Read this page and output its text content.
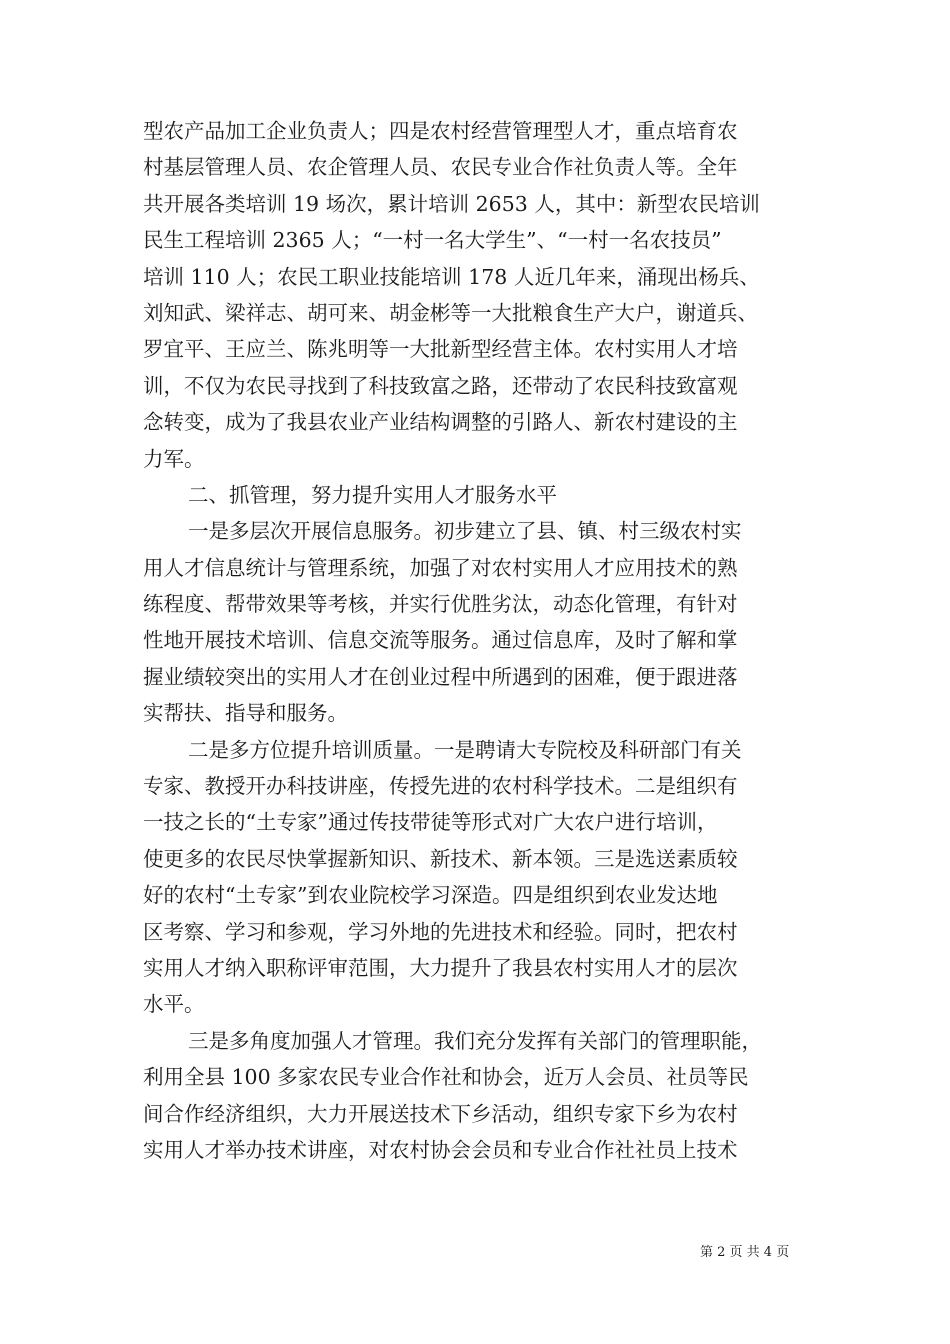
型农产品加工企业负责人；四是农村经营管理型人才，重点培育农
村基层管理人员、农企管理人员、农民专业合作社负责人等。全年
共开展各类培训 19 场次，累计培训 2653 人，其中：新型农民培训
民生工程培训 2365 人；“一村一名大学生”、“一村一名农技员”
培训 110 人；农民工职业技能培训 178 人近几年来，涌现出杨兵、
刘知武、梁祥志、胡可来、胡金彬等一大批粮食生产大户，谢道兵、
罗宜平、王应兰、陈兆明等一大批新型经营主体。农村实用人才培
训，不仅为农民寻找到了科技致富之路，还带动了农民科技致富观
念转变，成为了我县农业产业结构调整的引路人、新农村建设的主
力军。
二、抓管理，努力提升实用人才服务水平
一是多层次开展信息服务。初步建立了县、镇、村三级农村实
用人才信息统计与管理系统，加强了对农村实用人才应用技术的熟
练程度、帮带效果等考核，并实行优胜劣汰，动态化管理，有针对
性地开展技术培训、信息交流等服务。通过信息库，及时了解和掌
握业绩较突出的实用人才在创业过程中所遇到的困难，便于跟进落
实帮扶、指导和服务。
二是多方位提升培训质量。一是聘请大专院校及科研部门有关
专家、教授开办科技讲座，传授先进的农村科学技术。二是组织有
一技之长的“土专家”通过传技带徒等形式对广大农户进行培训，
使更多的农民尽快掌握新知识、新技术、新本领。三是选送素质较
好的农村“土专家”到农业院校学习深造。四是组织到农业发达地
区考察、学习和参观，学习外地的先进技术和经验。同时，把农村
实用人才纳入职称评审范围，大力提升了我县农村实用人才的层次
水平。
三是多角度加强人才管理。我们充分发挥有关部门的管理职能，
利用全县 100 多家农民专业合作社和协会，近万人会员、社员等民
间合作经济组织，大力开展送技术下乡活动，组织专家下乡为农村
实用人才举办技术讲座，对农村协会会员和专业合作社社员上技术
第 2 页 共 4 页
